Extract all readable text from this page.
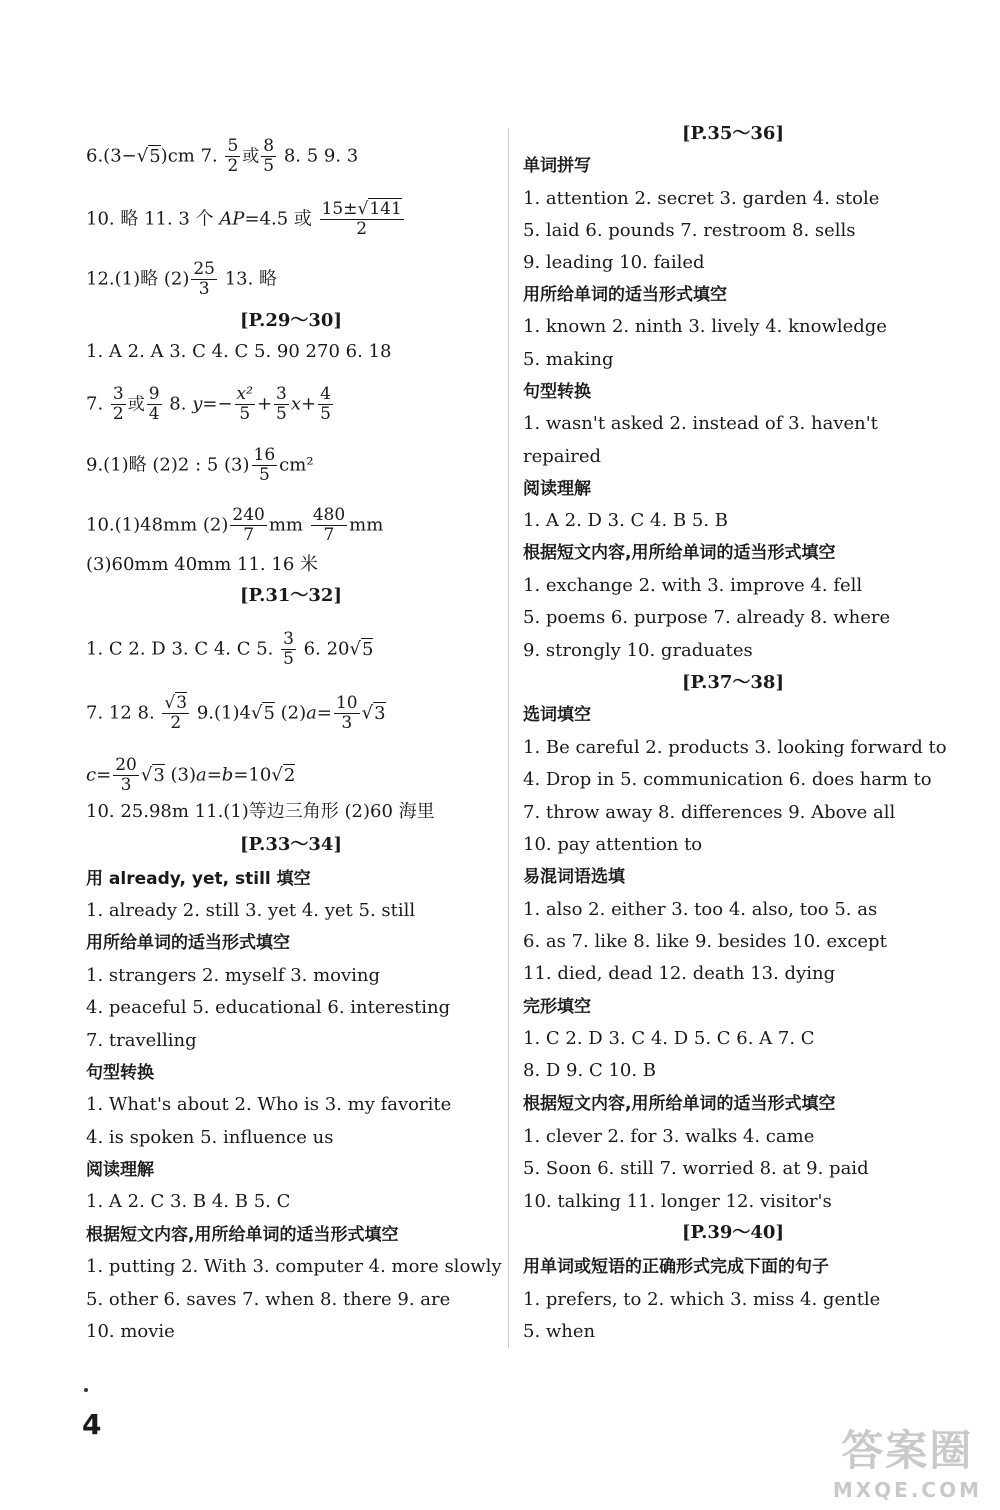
6.(3−√5)cm 7. $\frac{5}{2}$ 或 $\frac{8}{5} 8$. 5 9. 3
10. 略 11. 3 个 AP=4.5 或 $\frac{15\pm√141}{2}$
12.(1)略 $(2) \frac{25}{3} 13$. 略
[P.29～30]
1. A 2. A 3. C 4. C 5. 90 270 6. 18
7. $\frac{3}{2}$ 或 $\frac{9}{4} 8$. $y=- \frac{\text{x²}}{5} + \frac{3}{5} x+ \frac{4}{5}$
9.(1)略 (2)2 : 5 $(3) \frac{16}{5} cm^2$
10.(1)48mm $(2) \frac{240}{7}$ mm $\frac{480}{7}$ mm
(3)60mm 40mm 11. 16 米
[P.31～32]
1. C 2. D 3. C 4. C 5. $\frac{3}{5} 6$. 20√5
7. 12 8. $\frac{√3}{2} 9.(1)4√5$ $(2)a= \frac{10}{3} √3$
$c= \frac{20}{3} √3$ (3)a=b=10√2
10. 25.98m 11.(1)等边三角形 (2)60 海里
[P.33～34]
用 already, yet, still 填空
1. already 2. still 3. yet 4. yet 5. still
用所给单词的适当形式填空
1. strangers 2. myself 3. moving
4. peaceful 5. educational 6. interesting
7. travelling
句型转换
1. What's about 2. Who is 3. my favorite
4. is spoken 5. influence us
阅读理解
1. A 2. C 3. B 4. B 5. C
根据短文内容,用所给单词的适当形式填空
1. putting 2. With 3. computer 4. more slowly
5. other 6. saves 7. when 8. there 9. are
10. movie
[P.35～36]
单词拼写
1. attention 2. secret 3. garden 4. stole
5. laid 6. pounds 7. restroom 8. sells
9. leading 10. failed
用所给单词的适当形式填空
1. known 2. ninth 3. lively 4. knowledge
5. making
句型转换
1. wasn't asked 2. instead of 3. haven't
repaired
阅读理解
1. A 2. D 3. C 4. B 5. B
根据短文内容,用所给单词的适当形式填空
1. exchange 2. with 3. improve 4. fell
5. poems 6. purpose 7. already 8. where
9. strongly 10. graduates
[P.37～38]
选词填空
1. Be careful 2. products 3. looking forward to
4. Drop in 5. communication 6. does harm to
7. throw away 8. differences 9. Above all
10. pay attention to
易混词语选填
1. also 2. either 3. too 4. also, too 5. as
6. as 7. like 8. like 9. besides 10. except
11. died, dead 12. death 13. dying
完形填空
1. C 2. D 3. C 4. D 5. C 6. A 7. C
8. D 9. C 10. B
根据短文内容,用所给单词的适当形式填空
1. clever 2. for 3. walks 4. came
5. Soon 6. still 7. worried 8. at 9. paid
10. talking 11. longer 12. visitor's
[P.39～40]
用单词或短语的正确形式完成下面的句子
1. prefers, to 2. which 3. miss 4. gentle
5. when
4
答案圈
MXQE.COM
